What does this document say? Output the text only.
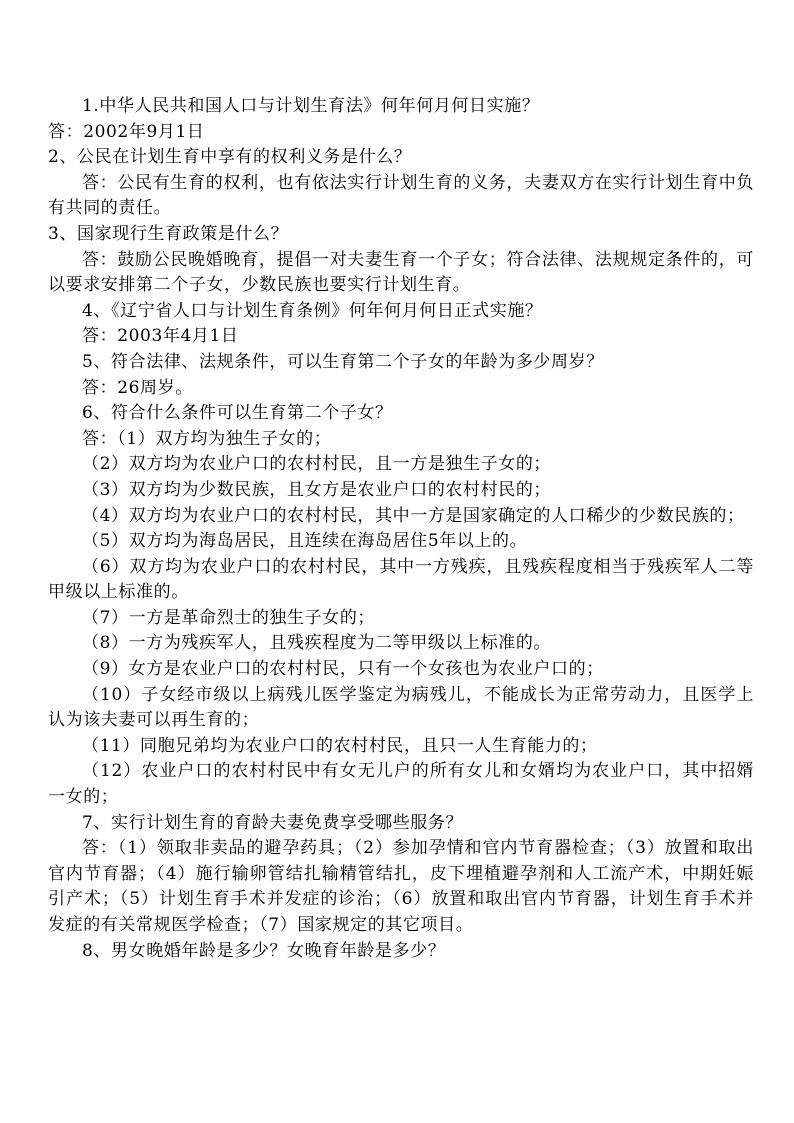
1.中华人民共和国人口与计划生育法》何年何月何日实施？

答：2002年9月1日

2、公民在计划生育中享有的权利义务是什么？

答：公民有生育的权利，也有依法实行计划生育的义务，夫妻双方在实行计划生育中负有共同的责任。

3、国家现行生育政策是什么？

答：鼓励公民晚婚晚育，提倡一对夫妻生育一个子女；符合法律、法规规定条件的，可以要求安排第二个子女，少数民族也要实行计划生育。

4、《辽宁省人口与计划生育条例》何年何月何日正式实施？

答：2003年4月1日

5、符合法律、法规条件，可以生育第二个子女的年龄为多少周岁？

答：26周岁。

6、符合什么条件可以生育第二个子女？

答：（1）双方均为独生子女的；

（2）双方均为农业户口的农村村民，且一方是独生子女的；

（3）双方均为少数民族，且女方是农业户口的农村村民的；

（4）双方均为农业户口的农村村民，其中一方是国家确定的人口稀少的少数民族的；

（5）双方均为海岛居民，且连续在海岛居住5年以上的。

（6）双方均为农业户口的农村村民，其中一方残疾，且残疾程度相当于残疾军人二等甲级以上标准的。

（7）一方是革命烈士的独生子女的；

（8）一方为残疾军人，且残疾程度为二等甲级以上标准的。

（9）女方是农业户口的农村村民，只有一个女孩也为农业户口的；

（10）子女经市级以上病残儿医学鉴定为病残儿，不能成长为正常劳动力，且医学上认为该夫妻可以再生育的；

（11）同胞兄弟均为农业户口的农村村民，且只一人生育能力的；

（12）农业户口的农村村民中有女无儿户的所有女儿和女婿均为农业户口，其中招婿一女的；

7、实行计划生育的育龄夫妻免费享受哪些服务？

答：（1）领取非卖品的避孕药具；（2）参加孕情和官内节育器检查；（3）放置和取出官内节育器；（4）施行输卵管结扎输精管结扎，皮下埋植避孕剂和人工流产术，中期妊娠引产术；（5）计划生育手术并发症的诊治；（6）放置和取出官内节育器，计划生育手术并发症的有关常规医学检查；（7）国家规定的其它项目。

8、男女晚婚年龄是多少？女晚育年龄是多少？
